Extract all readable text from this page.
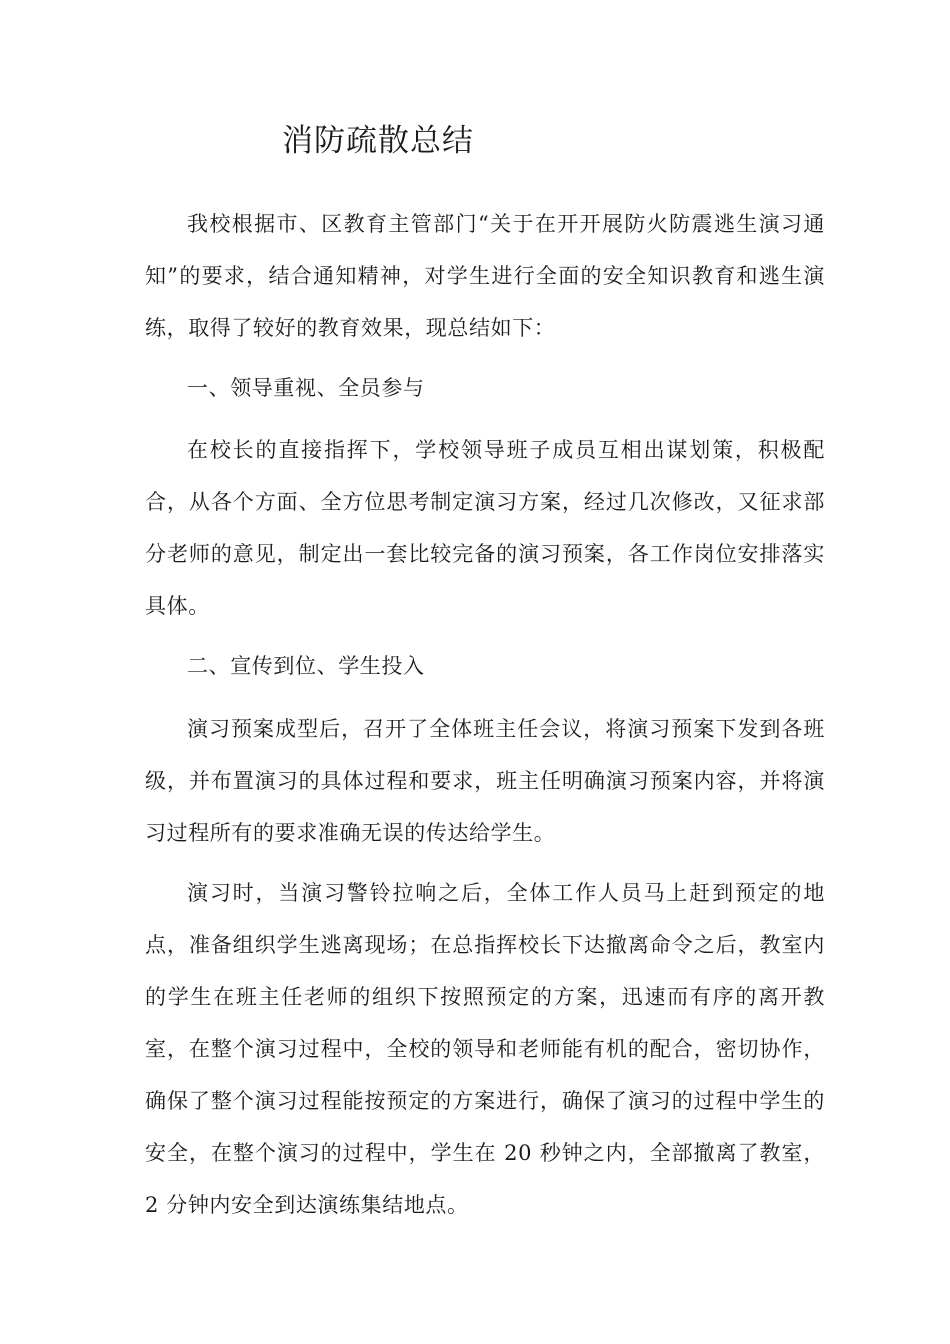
消防疏散总结

我校根据市、区教育主管部门“关于在开开展防火防震逃生演习通知”的要求，结合通知精神，对学生进行全面的安全知识教育和逃生演练，取得了较好的教育效果，现总结如下：

一、领导重视、全员参与

在校长的直接指挥下，学校领导班子成员互相出谋划策，积极配合，从各个方面、全方位思考制定演习方案，经过几次修改，又征求部分老师的意见，制定出一套比较完备的演习预案，各工作岗位安排落实具体。

二、宣传到位、学生投入

演习预案成型后，召开了全体班主任会议，将演习预案下发到各班级，并布置演习的具体过程和要求，班主任明确演习预案内容，并将演习过程所有的要求准确无误的传达给学生。

演习时，当演习警铃拉响之后，全体工作人员马上赶到预定的地点，准备组织学生逃离现场；在总指挥校长下达撤离命令之后，教室内的学生在班主任老师的组织下按照预定的方案，迅速而有序的离开教室，在整个演习过程中，全校的领导和老师能有机的配合，密切协作，确保了整个演习过程能按预定的方案进行，确保了演习的过程中学生的安全，在整个演习的过程中，学生在 20 秒钟之内，全部撤离了教室，2 分钟内安全到达演练集结地点。
